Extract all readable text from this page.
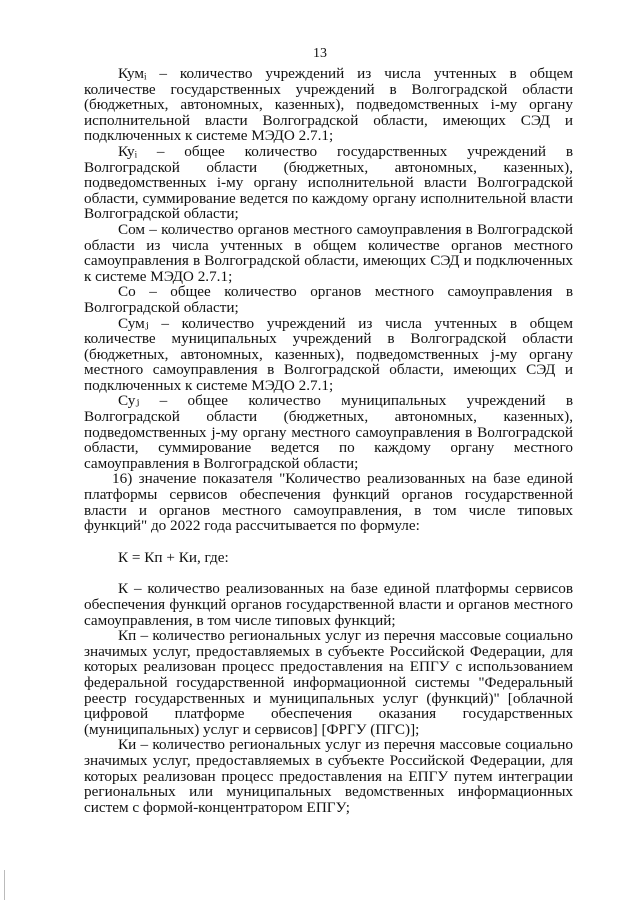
13

Кумᵢ – количество учреждений из числа учтенных в общем количестве государственных учреждений в Волгоградской области (бюджетных, автономных, казенных), подведомственных i-му органу исполнительной власти Волгоградской области, имеющих СЭД и подключенных к системе МЭДО 2.7.1;

Куᵢ – общее количество государственных учреждений в Волгоградской области (бюджетных, автономных, казенных), подведомственных i-му органу исполнительной власти Волгоградской области, суммирование ведется по каждому органу исполнительной власти Волгоградской области;

Сом – количество органов местного самоуправления в Волгоградской области из числа учтенных в общем количестве органов местного самоуправления в Волгоградской области, имеющих СЭД и подключенных к системе МЭДО 2.7.1;

Со – общее количество органов местного самоуправления в Волгоградской области;

Сумⱼ – количество учреждений из числа учтенных в общем количестве муниципальных учреждений в Волгоградской области (бюджетных, автономных, казенных), подведомственных j-му органу местного самоуправления в Волгоградской области, имеющих СЭД и подключенных к системе МЭДО 2.7.1;

Суⱼ – общее количество муниципальных учреждений в Волгоградской области (бюджетных, автономных, казенных), подведомственных j-му органу местного самоуправления в Волгоградской области, суммирование ведется по каждому органу местного самоуправления в Волгоградской области;

16) значение показателя "Количество реализованных на базе единой платформы сервисов обеспечения функций органов государственной власти и органов местного самоуправления, в том числе типовых функций" до 2022 года рассчитывается по формуле:

К = Кп + Ки, где:

К – количество реализованных на базе единой платформы сервисов обеспечения функций органов государственной власти и органов местного самоуправления, в том числе типовых функций;

Кп – количество региональных услуг из перечня массовые социально значимых услуг, предоставляемых в субъекте Российской Федерации, для которых реализован процесс предоставления на ЕПГУ с использованием федеральной государственной информационной системы "Федеральный реестр государственных и муниципальных услуг (функций)" [облачной цифровой платформе обеспечения оказания государственных (муниципальных) услуг и сервисов] [ФРГУ (ПГС)];

Ки – количество региональных услуг из перечня массовые социально значимых услуг, предоставляемых в субъекте Российской Федерации, для которых реализован процесс предоставления на ЕПГУ путем интеграции региональных или муниципальных ведомственных информационных систем с формой-концентратором ЕПГУ;
